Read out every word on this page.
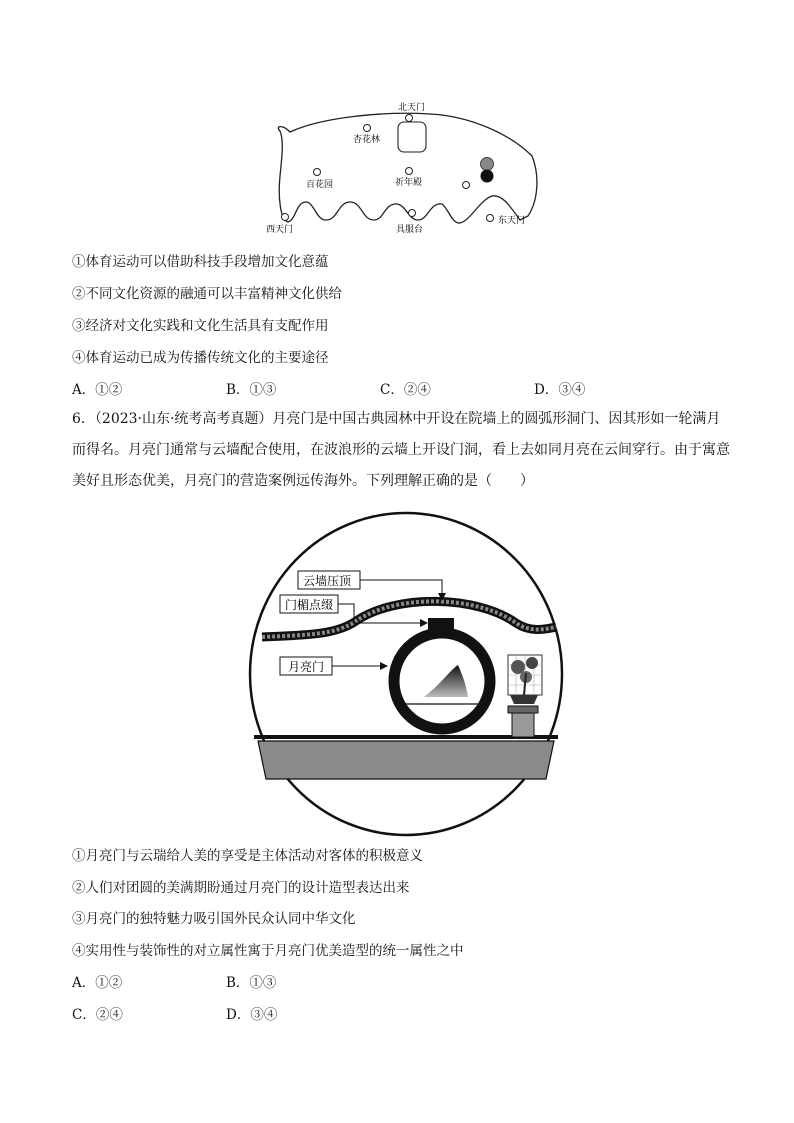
北天门
杏花林
百花园	祈年殿
西天门	具服台
东天门
①体育运动可以借助科技手段增加文化意蕴
②不同文化资源的融通可以丰富精神文化供给
③经济对文化实践和文化生活具有支配作用
④体育运动已成为传播传统文化的主要途径
A．①②	B．①③	C．②④	D．③④
6．（2023·山东·统考高考真题）月亮门是中国古典园林中开设在院墙上的圆弧形洞门、因其形如一轮满月而得名。月亮门通常与云墙配合使用，在波浪形的云墙上开设门洞，看上去如同月亮在云间穿行。由于寓意美好且形态优美，月亮门的营造案例远传海外。下列理解正确的是（　　）
云墙压顶
门楣点缀
月亮门
①月亮门与云瑞给人美的享受是主体活动对客体的积极意义
②人们对团圆的美满期盼通过月亮门的设计造型表达出来
③月亮门的独特魅力吸引国外民众认同中华文化
④实用性与装饰性的对立属性寓于月亮门优美造型的统一属性之中
A．①②	B．①③
C．②④	D．③④
